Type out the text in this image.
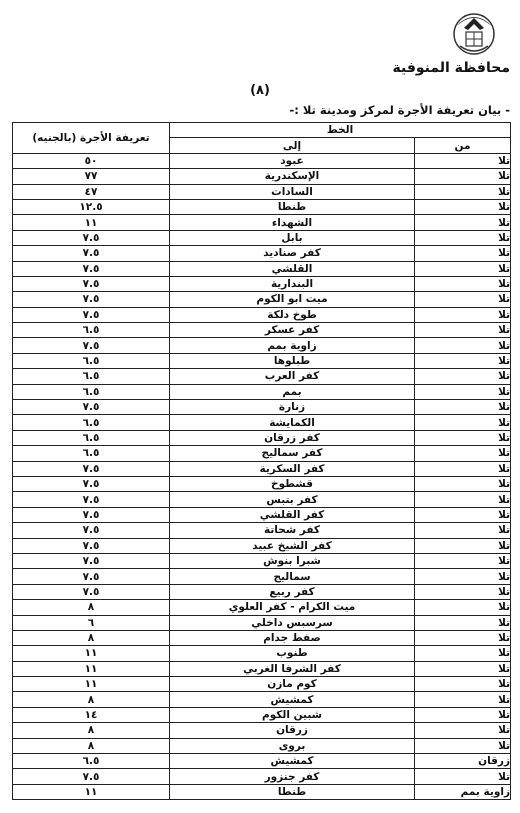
محافظة المنوفية
(٨)
- بيان تعريفة الأجرة لمركز ومدينة تلا :-
الخط		تعريفة الأجرة (بالجنيه)
من	إلى	
تلا	عبود	٥٠
تلا	الإسكندرية	٧٧
تلا	السادات	٤٧
تلا	طنطا	١٢.٥
تلا	الشهداء	١١
تلا	بابل	٧.٥
تلا	كفر صناديد	٧.٥
تلا	القلشي	٧.٥
تلا	البندارية	٧.٥
تلا	ميت ابو الكوم	٧.٥
تلا	طوخ دلكة	٧.٥
تلا	كفر عسكر	٦.٥
تلا	زاوية بمم	٧.٥
تلا	طبلوها	٦.٥
تلا	كفر العرب	٦.٥
تلا	بمم	٦.٥
تلا	زنارة	٧.٥
تلا	الكمايشة	٦.٥
تلا	كفر زرقان	٦.٥
تلا	كفر سماليج	٦.٥
تلا	كفر السكرية	٧.٥
تلا	قشطوخ	٧.٥
تلا	كفر بتبس	٧.٥
تلا	كفر القلشي	٧.٥
تلا	كفر شحاتة	٧.٥
تلا	كفر الشيخ عبيد	٧.٥
تلا	شبرا بنوش	٧.٥
تلا	سماليج	٧.٥
تلا	كفر ربيع	٧.٥
تلا	ميت الكرام - كفر العلوي	٨
تلا	سرسبس داخلي	٦
تلا	صفط جدام	٨
تلا	طنوب	١١
تلا	كفر الشرفا الغربي	١١
تلا	كوم مازن	١١
تلا	كمشيش	٨
تلا	شبين الكوم	١٤
تلا	زرقان	٨
تلا	بروى	٨
زرقان	كمشيش	٦.٥
تلا	كفر جنزور	٧.٥
زاوية بمم	طنطا	١١
